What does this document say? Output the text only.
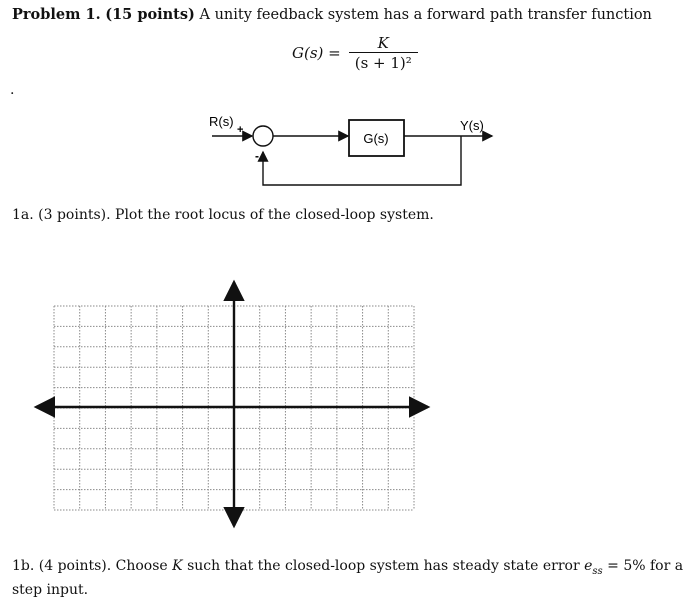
Problem 1. (15 points) A unity feedback system has a forward path transfer function
$G(s) = \frac{K}{\text{(s + 1)²}}$
.
R(s)
+
G(s)
Y(s)
-
1a. (3 points). Plot the root locus of the closed-loop system.
1b. (4 points). Choose K such that the closed-loop system has steady state error $e_{ss} = 5\%$ for a step input.
